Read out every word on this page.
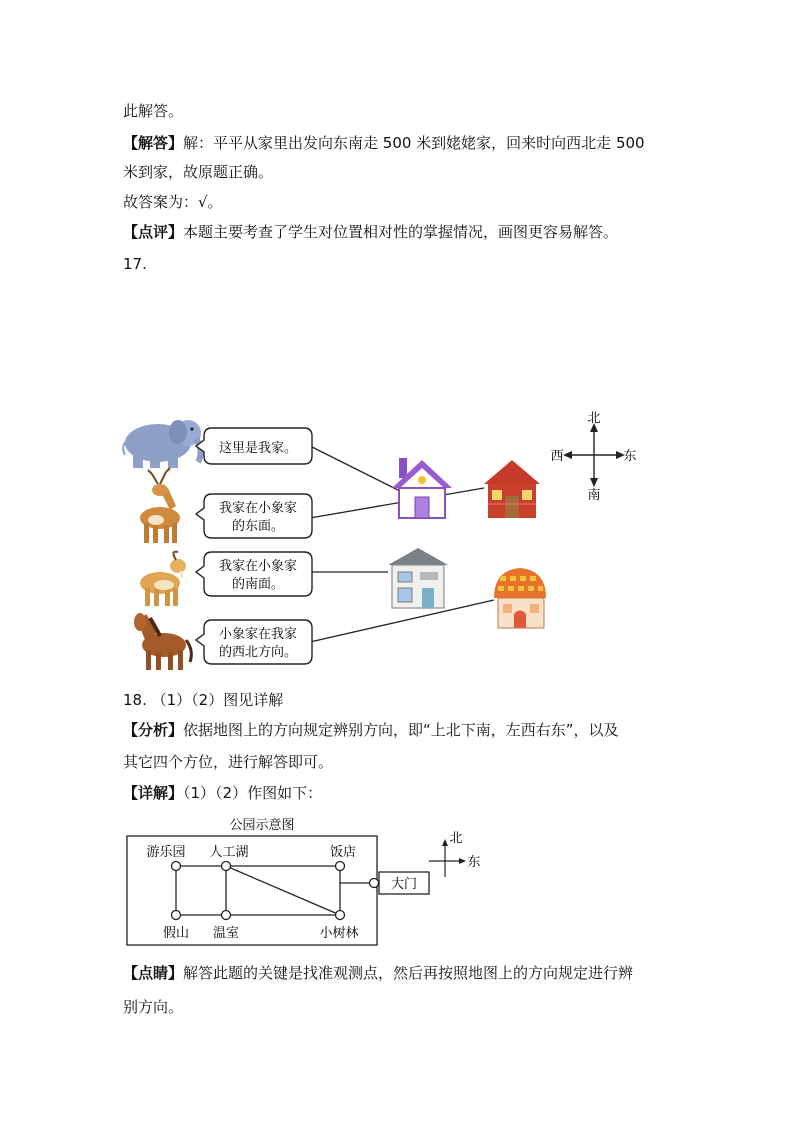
此解答。
【解答】解：平平从家里出发向东南走 500 米到姥姥家，回来时向西北走 500
米到家，故原题正确。
故答案为：√。
【点评】本题主要考查了学生对位置相对性的掌握情况，画图更容易解答。
17.
这里是我家。
我家在小象家
的东面。
我家在小象家
的南面。
小象家在我家
的西北方向。
北
南
西	东
18. （1）（2）图见详解
【分析】依据地图上的方向规定辨别方向，即“上北下南，左西右东”，以及
其它四个方位，进行解答即可。
【详解】（1）（2）作图如下：
公园示意图
大门
游乐园 人工湖	饭店
假山 温室	小树林
北
东
【点睛】解答此题的关键是找准观测点，然后再按照地图上的方向规定进行辨
别方向。
